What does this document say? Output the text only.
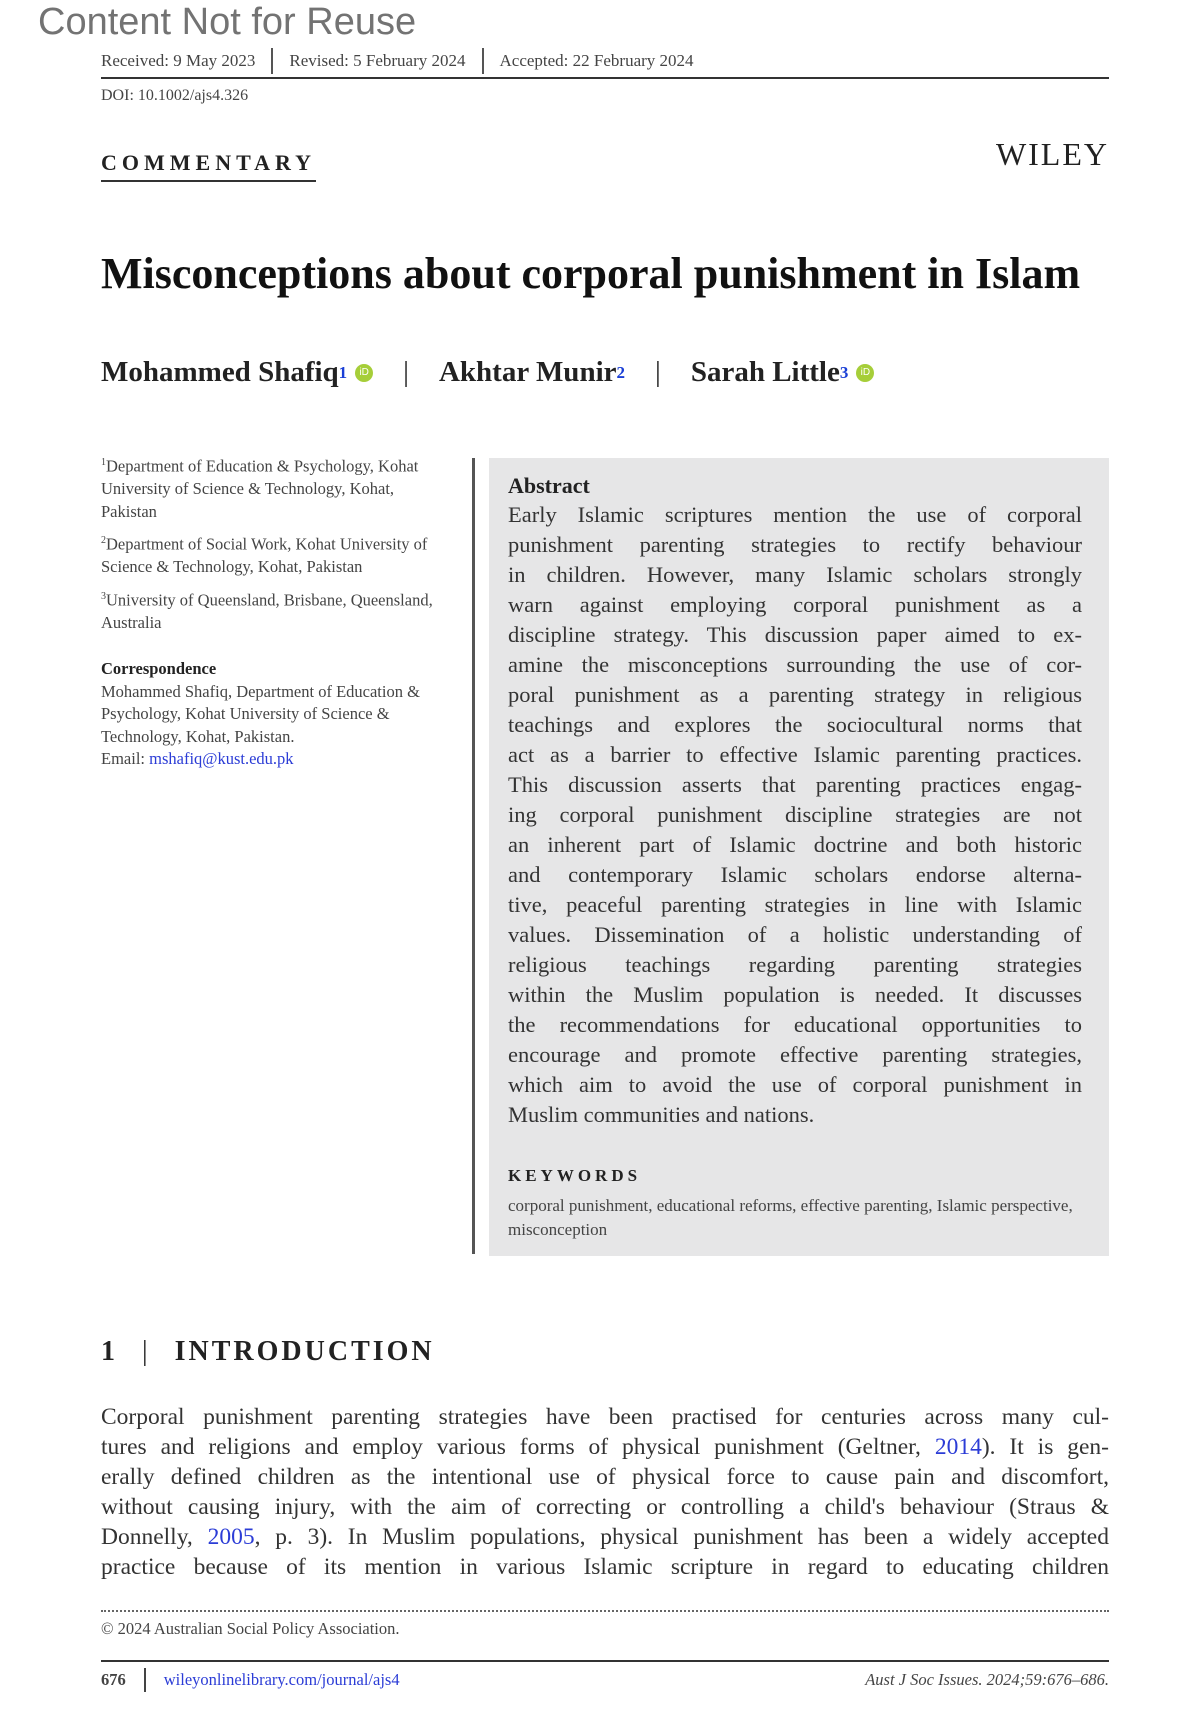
Content Not for Reuse
Received: 9 May 2023 Revised: 5 February 2024 Accepted: 22 February 2024
DOI: 10.1002/ajs4.326
COMMENTARY	WILEY
Misconceptions about corporal punishment in Islam
Mohammed Shafiq 1	iD | Akhtar Munir 2 | Sarah Little 3	iD

$^1$Department of Education & Psychology, Kohat University of Science & Technology, Kohat, Pakistan

$^2$Department of Social Work, Kohat University of Science & Technology, Kohat, Pakistan

$^3$University of Queensland, Brisbane, Queensland, Australia

Correspondence
Mohammed Shafiq, Department of Education & Psychology, Kohat University of Science & Technology, Kohat, Pakistan.
Email: mshafiq@kust.edu.pk
Abstract
Early Islamic scriptures mention the use of corporal
punishment parenting strategies to rectify behaviour
in children. However, many Islamic scholars strongly
warn against employing corporal punishment as a
discipline strategy. This discussion paper aimed to ex-
amine the misconceptions surrounding the use of cor-
poral punishment as a parenting strategy in religious
teachings and explores the sociocultural norms that
act as a barrier to effective Islamic parenting practices.
This discussion asserts that parenting practices engag-
ing corporal punishment discipline strategies are not
an inherent part of Islamic doctrine and both historic
and contemporary Islamic scholars endorse alterna-
tive, peaceful parenting strategies in line with Islamic
values. Dissemination of a holistic understanding of
religious teachings regarding parenting strategies
within the Muslim population is needed. It discusses
the recommendations for educational opportunities to
encourage and promote effective parenting strategies,
which aim to avoid the use of corporal punishment in
Muslim communities and nations.
KEYWORDS
corporal punishment, educational reforms, effective parenting, Islamic perspective, misconception
1 | INTRODUCTION
Corporal punishment parenting strategies have been practised for centuries across many cul-
tures and religions and employ various forms of physical punishment (Geltner, 2014). It is gen-
erally defined children as the intentional use of physical force to cause pain and discomfort,
without causing injury, with the aim of correcting or controlling a child's behaviour (Straus &
Donnelly, 2005, p. 3). In Muslim populations, physical punishment has been a widely accepted
practice because of its mention in various Islamic scripture in regard to educating children
© 2024 Australian Social Policy Association.
676 wileyonlinelibrary.com/journal/ajs4	Aust J Soc Issues. 2024;59:676–686.
